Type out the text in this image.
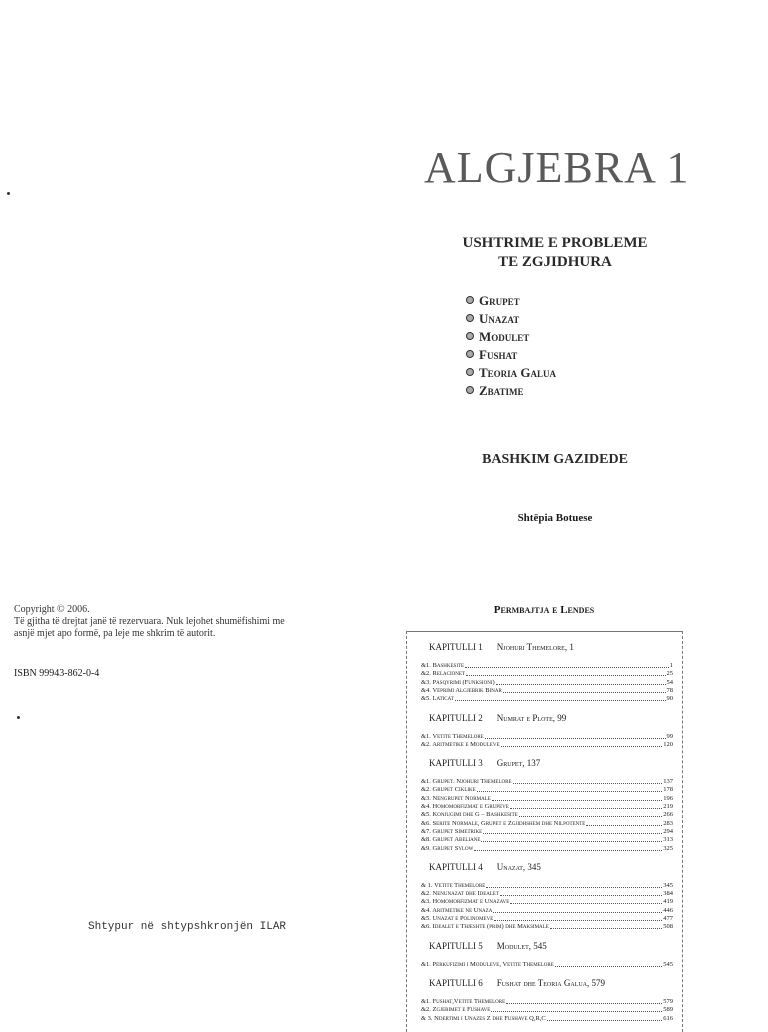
ALGJEBRA 1
USHTRIME E PROBLEME
TE ZGJIDHURA
Grupet
Unazat
Modulet
Fushat
Teoria Galua
Zbatime
BASHKIM GAZIDEDE
Shtëpia Botuese
Copyright © 2006.
Të gjitha të drejtat janë të rezervuara. Nuk lejohet shumëfishimi me
asnjë mjet apo formë, pa leje me shkrim të autorit.
ISBN 99943-862-0-4
Shtypur në shtypshkronjën ILAR
Permbajtja e Lendes
KAPITULLI 1 Njohuri Themelore, 1
&1. Bashkesite	1
&2. Relacionet	25
&3. Pasqyrimi (Funksioni)	54
&4. Veprimi Algjebrik Binar	78
&5. Laticat	90
KAPITULLI 2 Numrat e Plote, 99
&1. Vetite Themelore	99
&2. Aritmetike e Moduleve	120
KAPITULLI 3 Grupet, 137
&1. Grupet. Njohuri Themelore	137
&2. Grupet Ciklike	178
&3. Nengrupet Normale	196
&4. Homomorfizmat e Grupeve	219
&5. Konjugimi dhe G – Bashkesite	266
&6. Serite Normale, Grupet e Zgjidhshem dhe Nilpotente	283
&7. Grupet Simetrike	294
&8. Grupet Abeliane	313
&9. Grupet Sylow	325
KAPITULLI 4 Unazat, 345
& 1. Vetite Themelore	345
&2. Nenunazat dhe Idealet	384
&3. Homomorfizmat e Unazave	419
&4. Aritmetike ne Unaza	446
&5. Unazat e Polinomeve	477
&6. Idealet e Thjeshte (prim) dhe Maksimale	508
KAPITULLI 5 Modulet, 545
&1. Perkufizimi i Moduleve, Vetite Themelore	545
KAPITULLI 6 Fushat dhe Teoria Galua, 579
&1. Fushat,Vetite Themelore	579
&2. Zgjerimet e Fushave	589
& 3. Ndertimi i Unazes Z dhe Fushave Q,R,C	616
